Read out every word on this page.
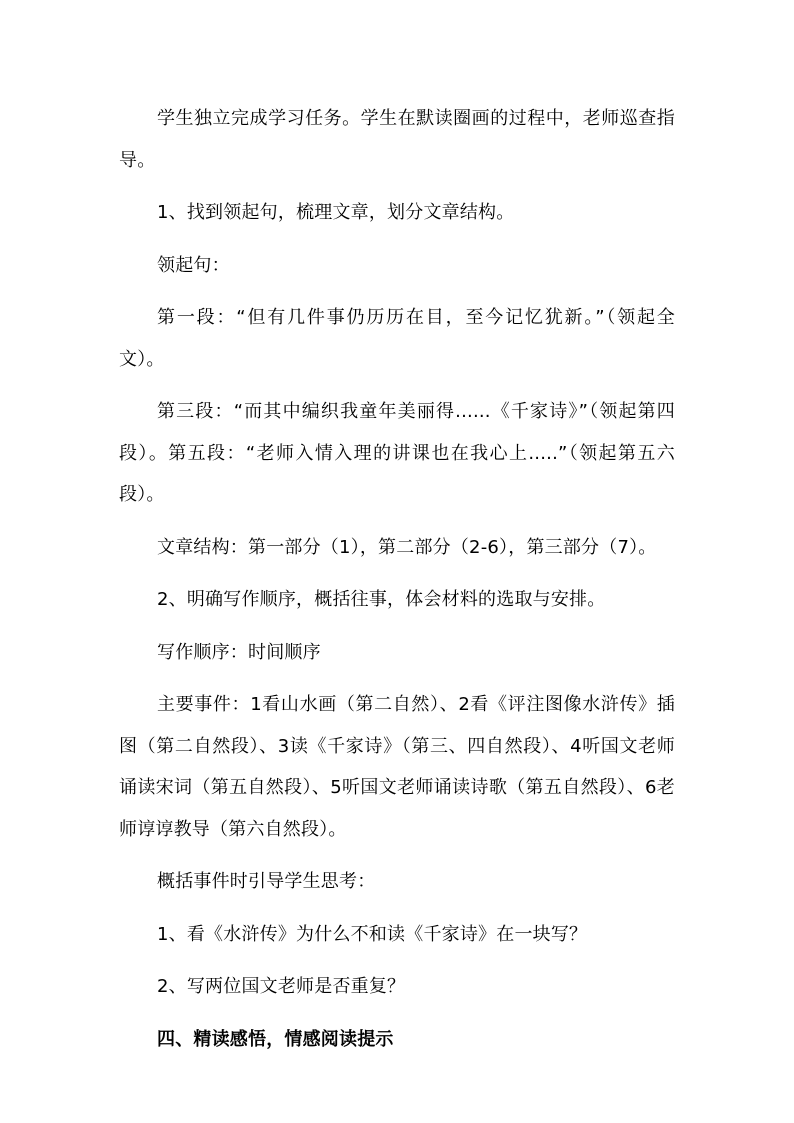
学生独立完成学习任务。学生在默读圈画的过程中，老师巡查指导。

1、找到领起句，梳理文章，划分文章结构。

领起句：

第一段：“但有几件事仍历历在目，至今记忆犹新。”（领起全文）。

第三段：“而其中编织我童年美丽得......《千家诗》”（领起第四段）。第五段：“老师入情入理的讲课也在我心上.....”（领起第五六段）。

文章结构：第一部分（1），第二部分（2-6），第三部分（7）。

2、明确写作顺序，概括往事，体会材料的选取与安排。

写作顺序：时间顺序

主要事件：1看山水画（第二自然）、2看《评注图像水浒传》插图（第二自然段）、3读《千家诗》（第三、四自然段）、4听国文老师诵读宋词（第五自然段）、5听国文老师诵读诗歌（第五自然段）、6老师谆谆教导（第六自然段）。

概括事件时引导学生思考：

1、看《水浒传》为什么不和读《千家诗》在一块写？

2、写两位国文老师是否重复？

四、精读感悟，情感阅读提示
